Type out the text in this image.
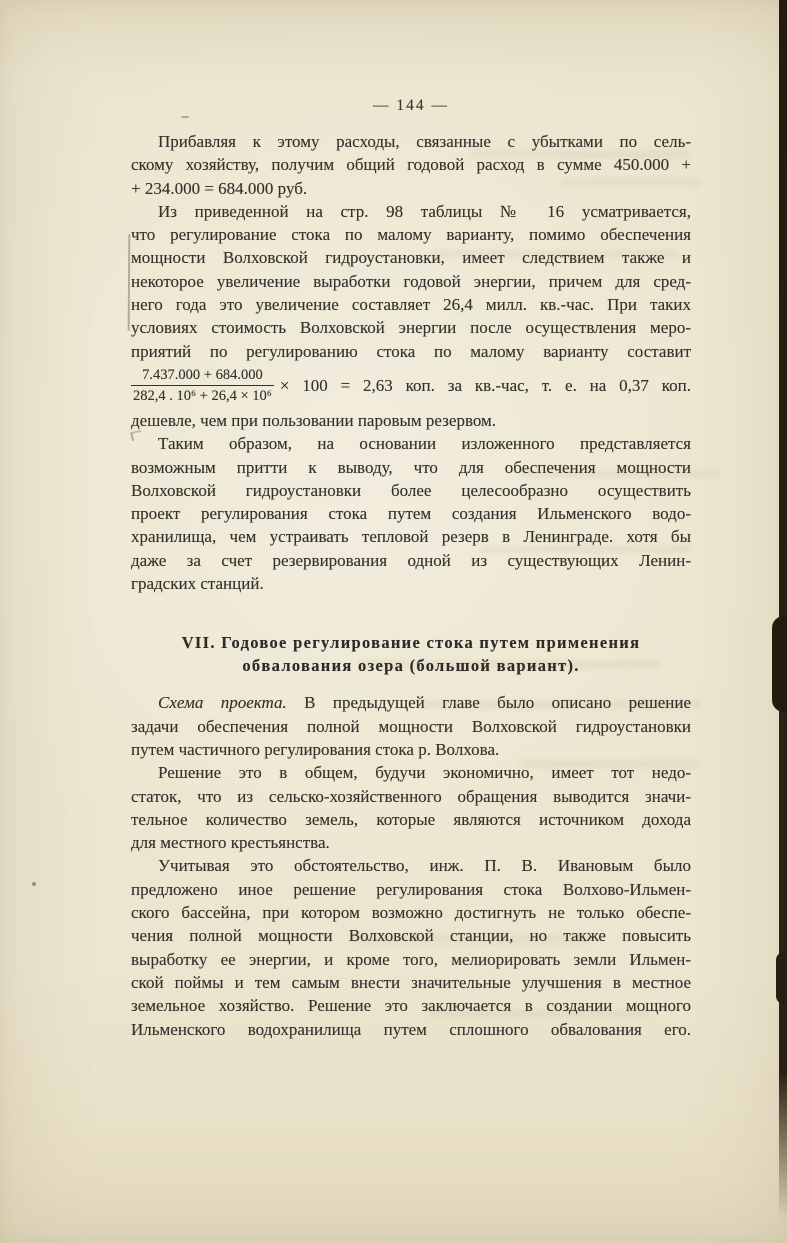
— 144 —
Прибавляя к этому расходы, связанные с убытками по сель-
скому хозяйству, получим общий годовой расход в сумме 450.000 +
+ 234.000 = 684.000 руб.
Из приведенной на стр. 98 таблицы № 16 усматривается,
что регулирование стока по малому варианту, помимо обеспечения
мощности Волховской гидроустановки, имеет следствием также и
некоторое увеличение выработки годовой энергии, причем для сред-
него года это увеличение составляет 26,4 милл. кв.-час. При таких
условиях стоимость Волховской энергии после осуществления меро-
приятий по регулированию стока по малому варианту составит
$\frac{7.437.000 + 684.000}{\text{282,4 . 10⁶ + 26,4 × 10⁶}} \times 100 = 2,63$ коп. за кв.-час, т. е. на 0,37 коп.
дешевле, чем при пользовании паровым резервом.
Таким образом, на основании изложенного представляется
возможным притти к выводу, что для обеспечения мощности
Волховской гидроустановки более целесообразно осуществить
проект регулирования стока путем создания Ильменского водо-
хранилища, чем устраивать тепловой резерв в Ленинграде. хотя бы
даже за счет резервирования одной из существующих Ленин-
градских станций.
VII. Годовое регулирование стока путем применения
обвалования озера (большой вариант).
Схема проекта. В предыдущей главе было описано решение
задачи обеспечения полной мощности Волховской гидроустановки
путем частичного регулирования стока р. Волхова.
Решение это в общем, будучи экономично, имеет тот недо-
статок, что из сельско-хозяйственного обращения выводится значи-
тельное количество земель, которые являются источником дохода
для местного крестьянства.
Учитывая это обстоятельство, инж. П. В. Ивановым было
предложено иное решение регулирования стока Волхово-Ильмен-
ского бассейна, при котором возможно достигнуть не только обеспе-
чения полной мощности Волховской станции, но также повысить
выработку ее энергии, и кроме того, мелиорировать земли Ильмен-
ской поймы и тем самым внести значительные улучшения в местное
земельное хозяйство. Решение это заключается в создании мощного
Ильменского водохранилища путем сплошного обвалования его.
